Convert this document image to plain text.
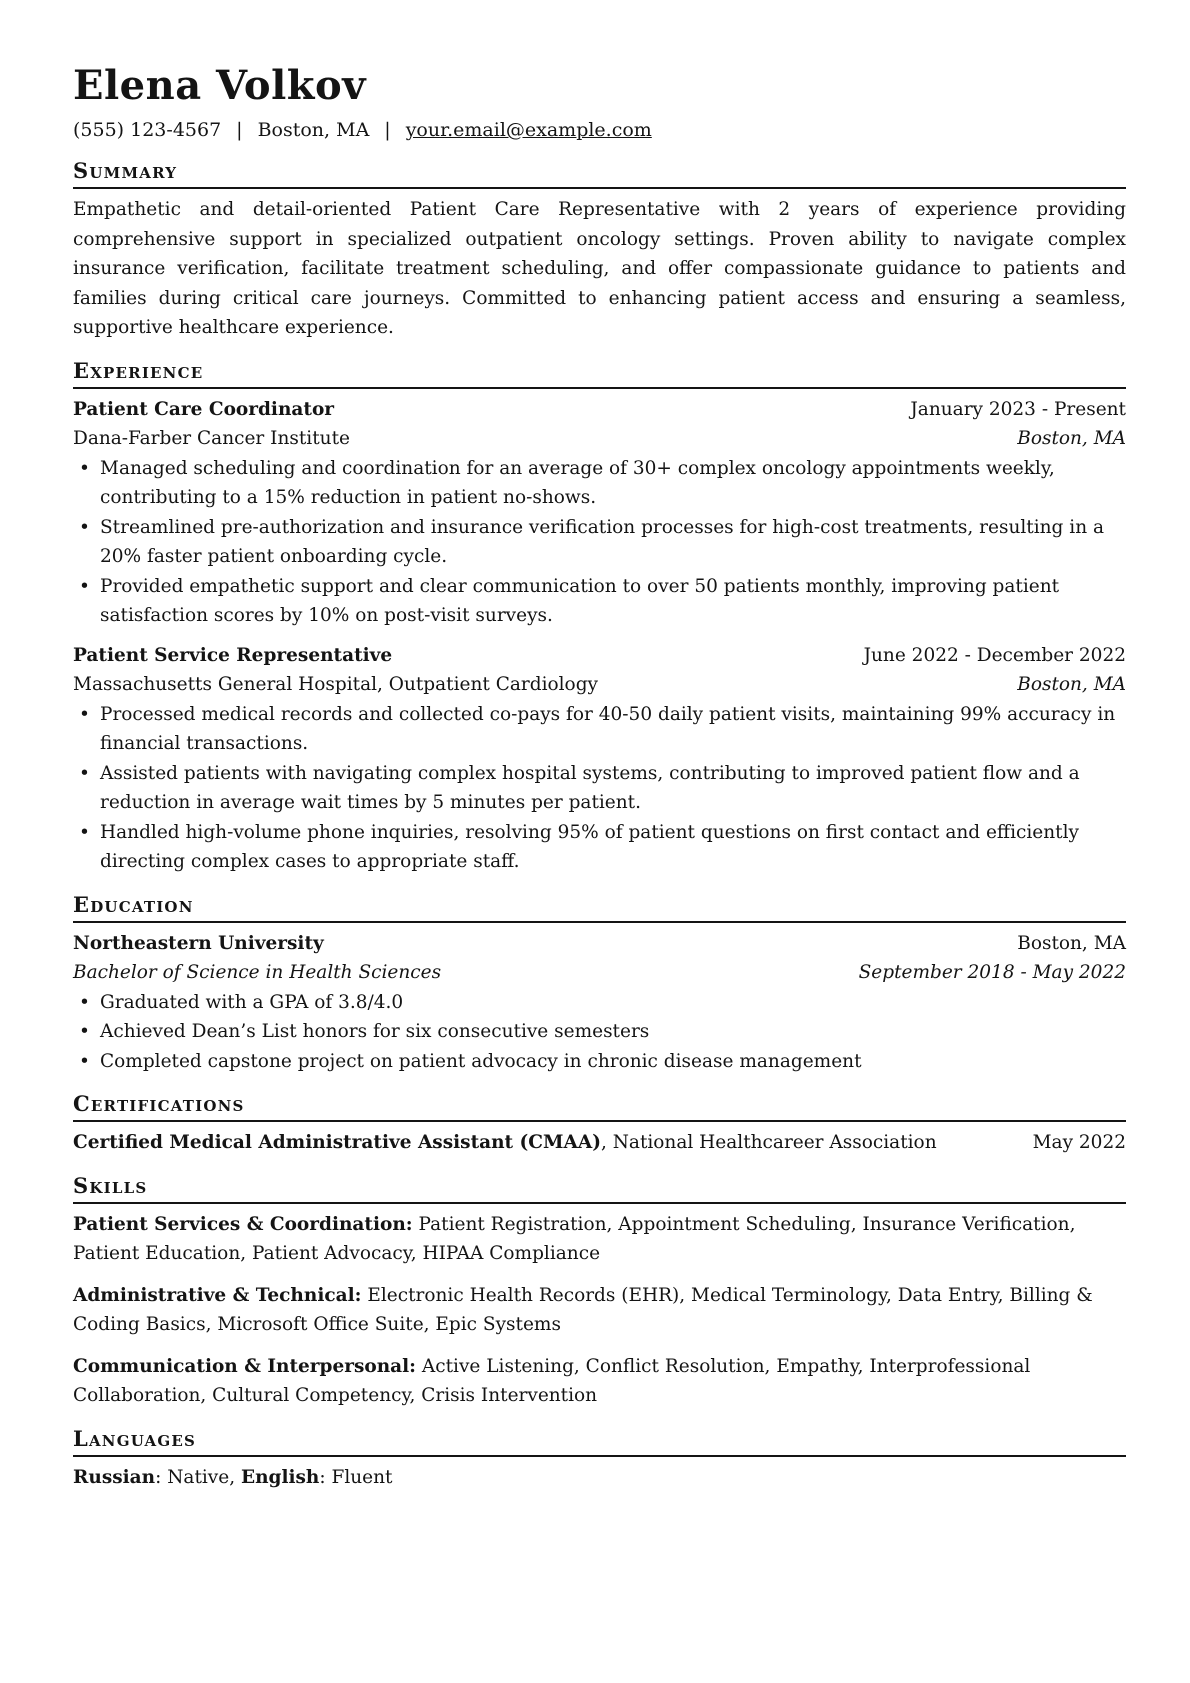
Elena Volkov
(555) 123-4567 | Boston, MA | your.email@example.com
Summary

Empathetic and detail-oriented Patient Care Representative with 2 years of experience providing comprehensive support in specialized outpatient oncology settings. Proven ability to navigate complex insurance verification, facilitate treatment scheduling, and offer compassionate guidance to patients and families during critical care journeys. Committed to enhancing patient access and ensuring a seamless, supportive healthcare experience.

Experience
Patient Care Coordinator	January 2023 - Present
Dana-Farber Cancer Institute	Boston, MA
• Managed scheduling and coordination for an average of 30+ complex oncology appointments weekly, contributing to a 15% reduction in patient no-shows.
• Streamlined pre-authorization and insurance verification processes for high-cost treatments, resulting in a 20% faster patient onboarding cycle.
• Provided empathetic support and clear communication to over 50 patients monthly, improving patient satisfaction scores by 10% on post-visit surveys.
Patient Service Representative	June 2022 - December 2022
Massachusetts General Hospital, Outpatient Cardiology	Boston, MA
• Processed medical records and collected co-pays for 40-50 daily patient visits, maintaining 99% accuracy in financial transactions.
• Assisted patients with navigating complex hospital systems, contributing to improved patient flow and a reduction in average wait times by 5 minutes per patient.
• Handled high-volume phone inquiries, resolving 95% of patient questions on first contact and efficiently directing complex cases to appropriate staff.
Education
Northeastern University	Boston, MA
Bachelor of Science in Health Sciences	September 2018 - May 2022
• Graduated with a GPA of 3.8/4.0
• Achieved Dean’s List honors for six consecutive semesters
• Completed capstone project on patient advocacy in chronic disease management
Certifications
Certified Medical Administrative Assistant (CMAA), National Healthcareer Association	May 2022
Skills

Patient Services & Coordination: Patient Registration, Appointment Scheduling, Insurance Verification, Patient Education, Patient Advocacy, HIPAA Compliance

Administrative & Technical: Electronic Health Records (EHR), Medical Terminology, Data Entry, Billing & Coding Basics, Microsoft Office Suite, Epic Systems

Communication & Interpersonal: Active Listening, Conflict Resolution, Empathy, Interprofessional Collaboration, Cultural Competency, Crisis Intervention

Languages
Russian: Native, English: Fluent
